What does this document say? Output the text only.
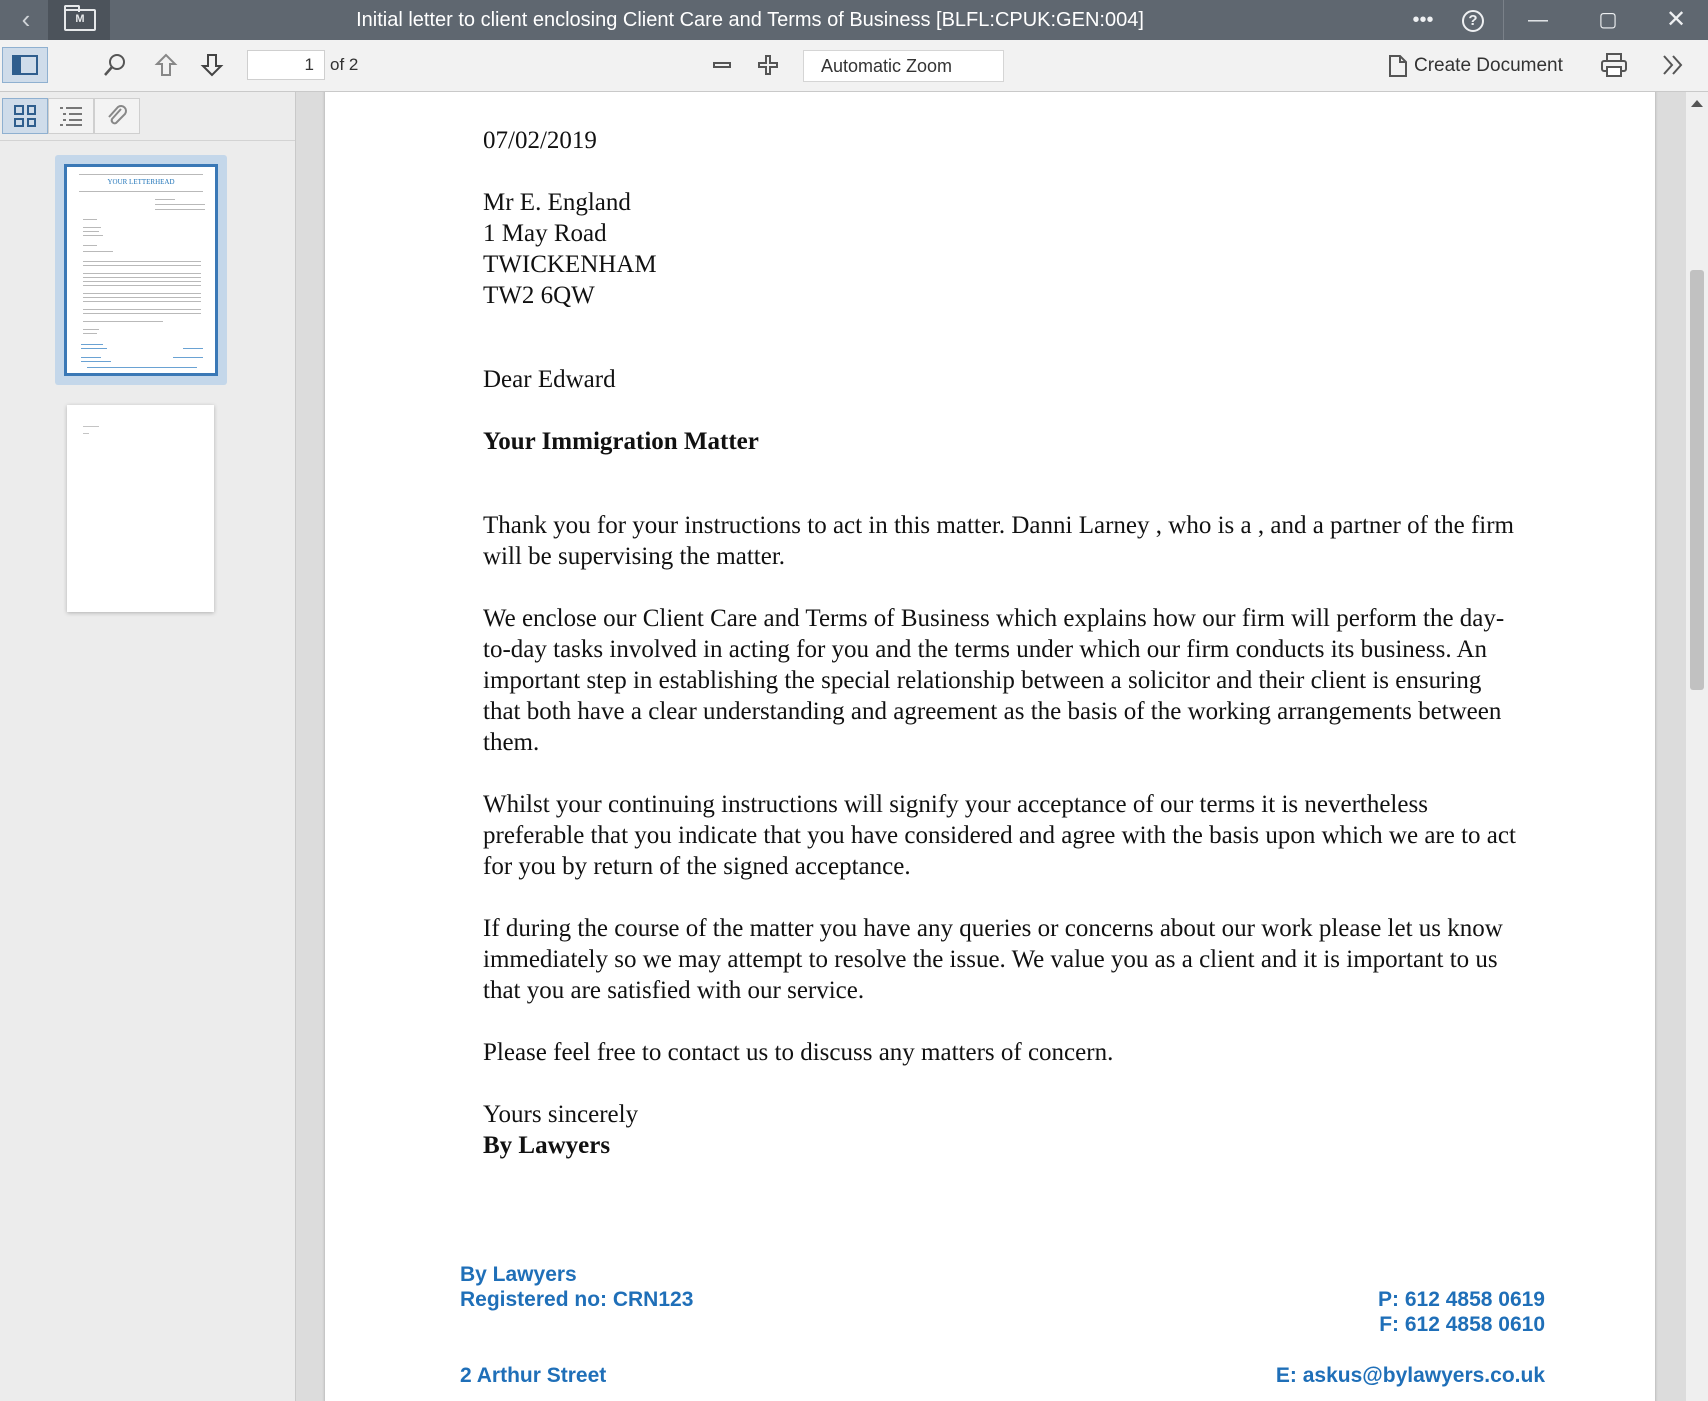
‹	M	Initial letter to client enclosing Client Care and Terms of Business [BLFL:CPUK:GEN:004]	•••	?	—	▢	✕
1 of 2	Automatic Zoom	Create Document
YOUR LETTERHEAD

07/02/2019

Mr E. England

1 May Road

TWICKENHAM

TW2 6QW

Dear Edward

Your Immigration Matter

Thank you for your instructions to act in this matter. Danni Larney , who is a , and a partner of the firm will be supervising the matter.

We enclose our Client Care and Terms of Business which explains how our firm will perform the day-to-day tasks involved in acting for you and the terms under which our firm conducts its business. An important step in establishing the special relationship between a solicitor and their client is ensuring that both have a clear understanding and agreement as the basis of the working arrangements between them.

Whilst your continuing instructions will signify your acceptance of our terms it is nevertheless preferable that you indicate that you have considered and agree with the basis upon which we are to act for you by return of the signed acceptance.

If during the course of the matter you have any queries or concerns about our work please let us know immediately so we may attempt to resolve the issue. We value you as a client and it is important to us that you are satisfied with our service.

Please feel free to contact us to discuss any matters of concern.

Yours sincerely

By Lawyers

By Lawyers
Registered no: CRN123	P: 612 4858 0619
F: 612 4858 0610
2 Arthur Street	E: askus@bylawyers.co.uk
